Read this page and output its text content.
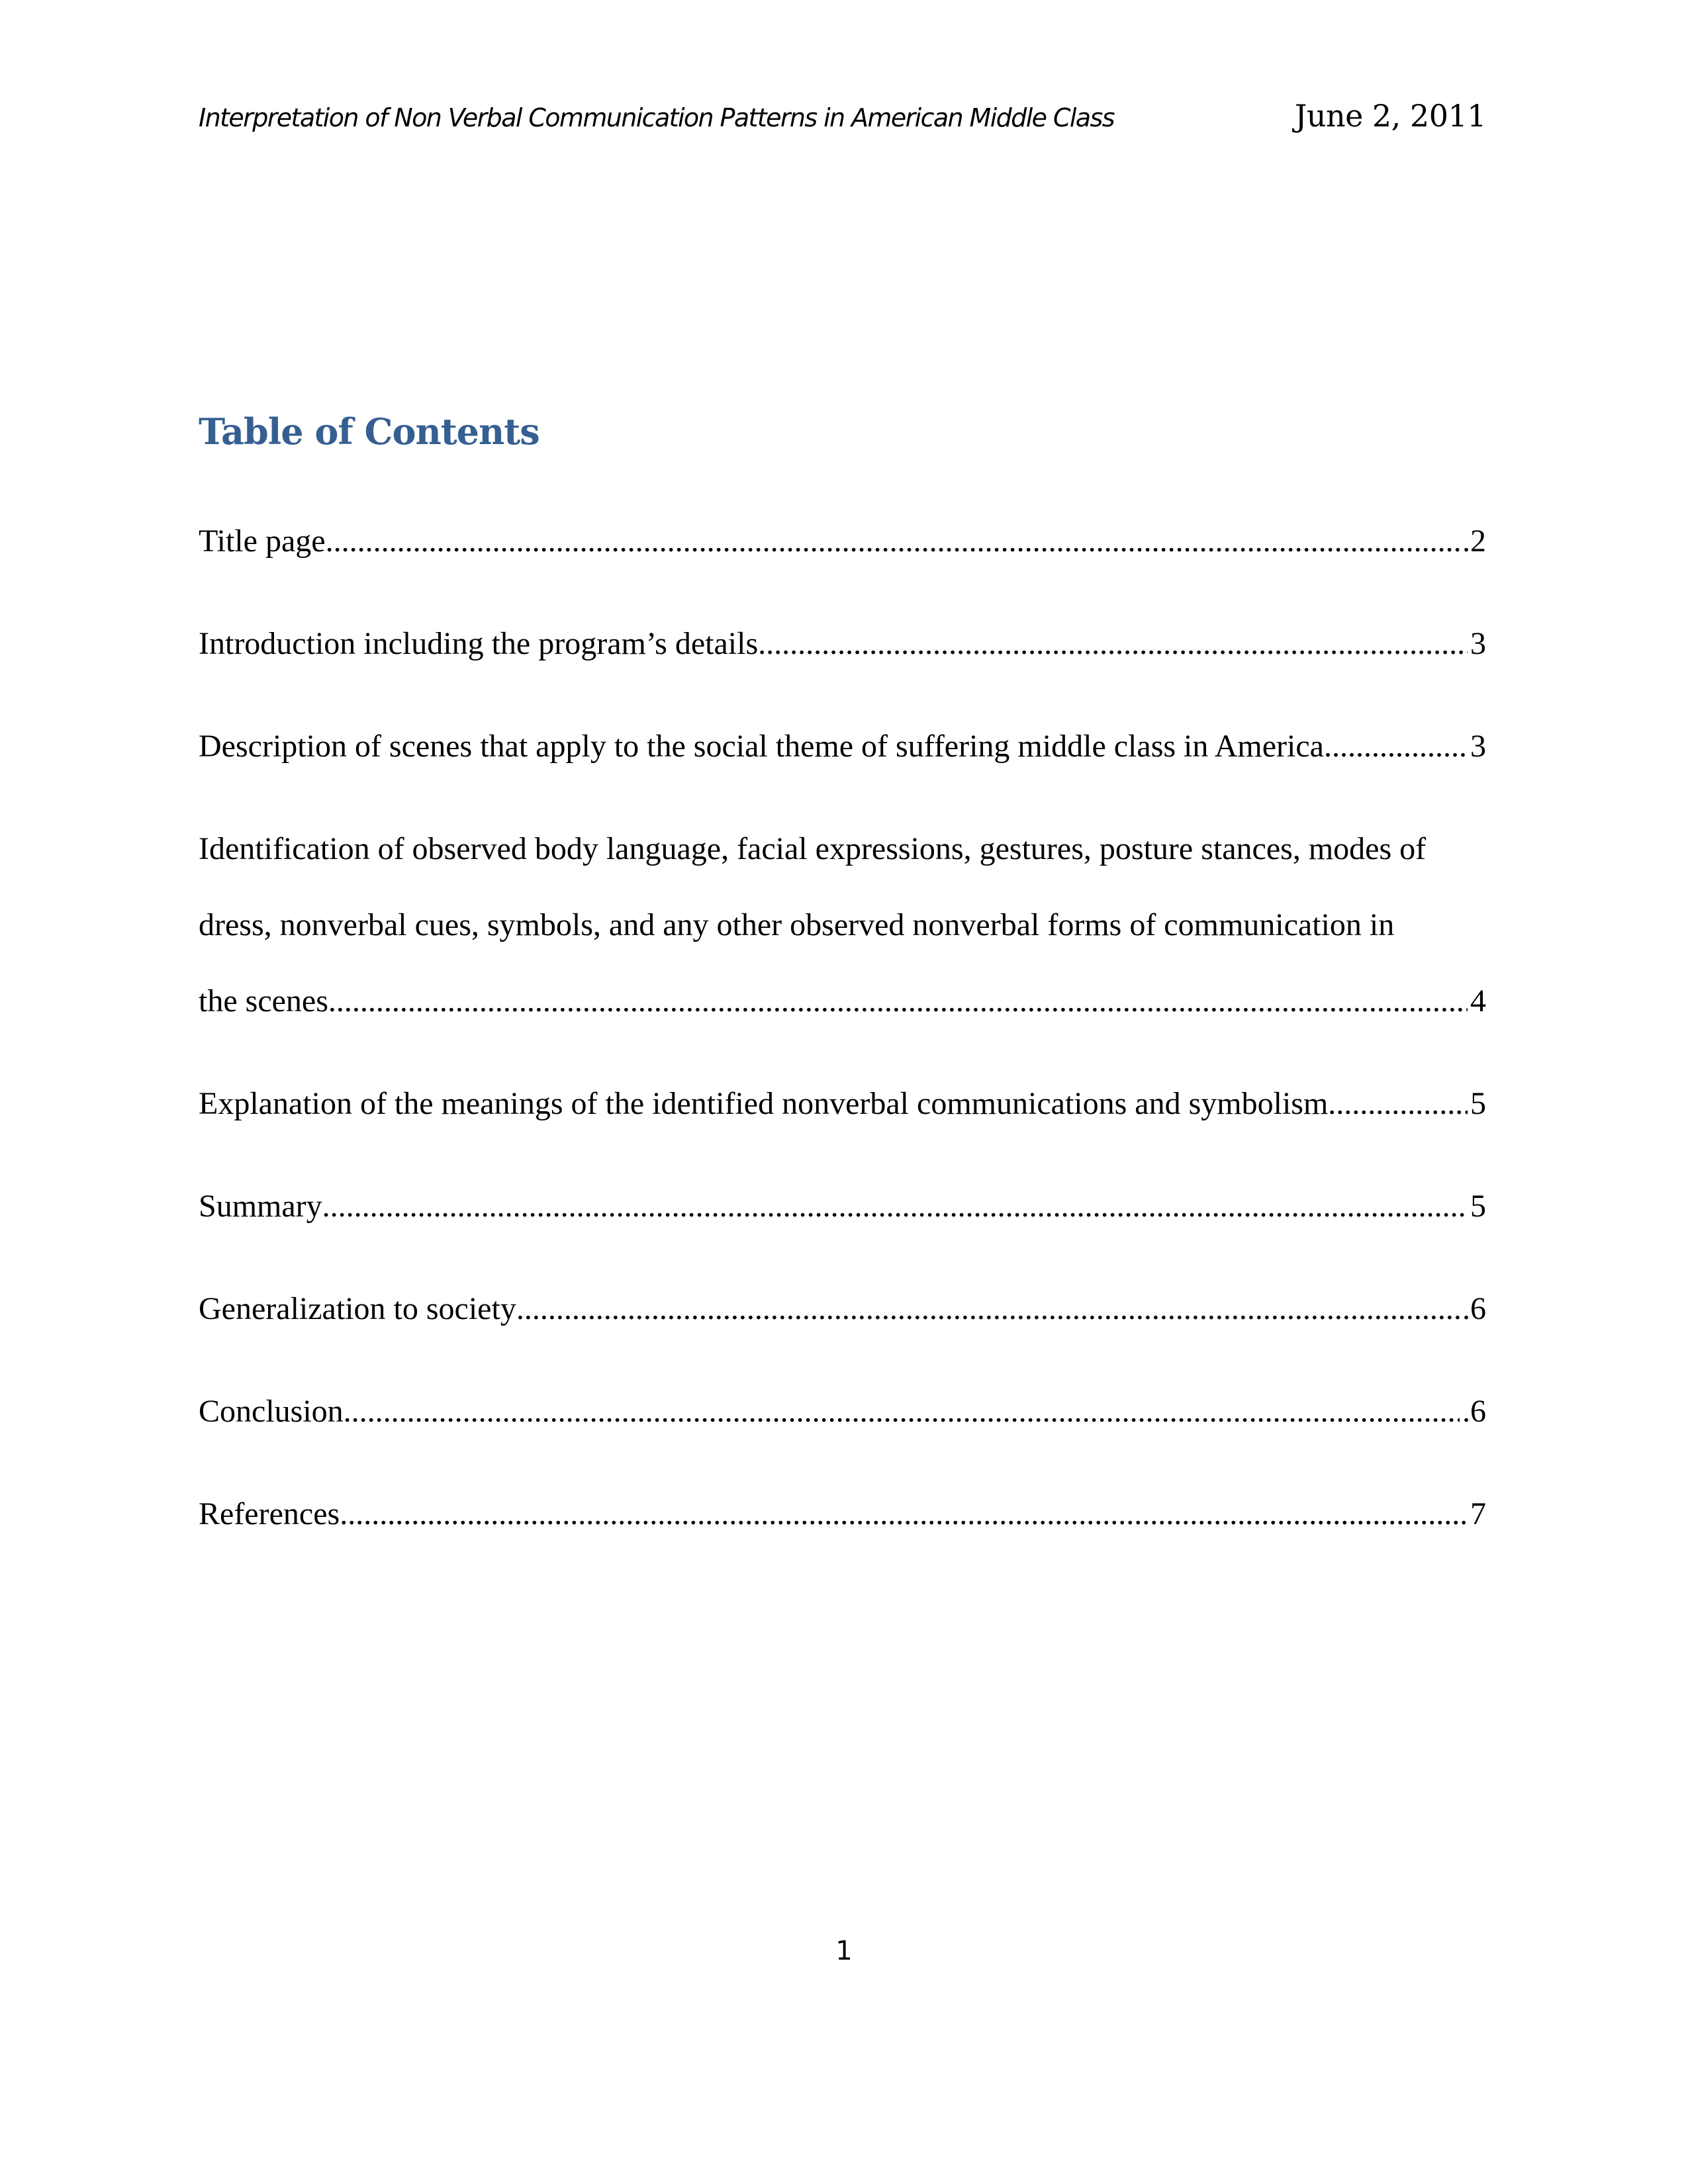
Interpretation of Non Verbal Communication Patterns in American Middle Class	June 2, 2011
Table of Contents
Title page .....	.2
Introduction including the program’s details .....	3
Description of scenes that apply to the social theme of suffering middle class in America .....	3
Identification of observed body language, facial expressions, gestures, posture stances, modes of
dress, nonverbal cues, symbols, and any other observed nonverbal forms of communication in
the scenes .....	4
Explanation of the meanings of the identified nonverbal communications and symbolism .....	5
Summary .....	5
Generalization to society .....	.6
Conclusion .....	.6
References .....	7
1
